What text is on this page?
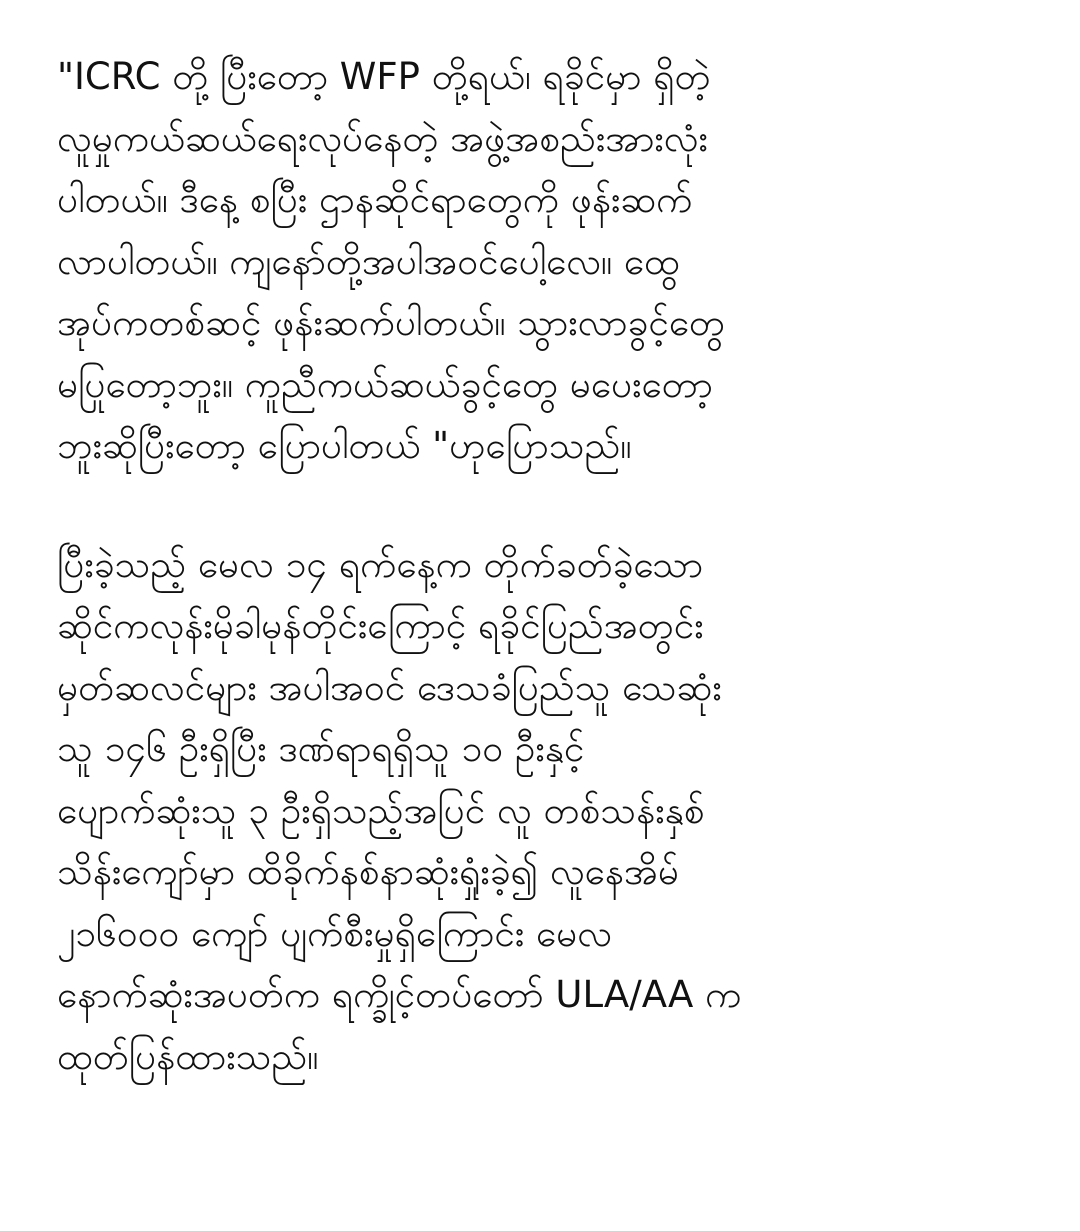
"ICRC တို့ ပြီးတော့ WFP တို့ရယ်၊ ရခိုင်မှာ ရှိတဲ့
လူမှုကယ်ဆယ်ရေးလုပ်နေတဲ့ အဖွဲ့အစည်းအားလုံး
ပါတယ်။ ဒီနေ့ စပြီး ဌာနဆိုင်ရာတွေကို ဖုန်းဆက်
လာပါတယ်။ ကျနော်တို့အပါအဝင်ပေါ့လေ။ ထွေ
အုပ်ကတစ်ဆင့် ဖုန်းဆက်ပါတယ်။ သွားလာခွင့်တွေ
မပြုတော့ဘူး။ ကူညီကယ်ဆယ်ခွင့်တွေ မပေးတော့
ဘူးဆိုပြီးတော့ ပြောပါတယ် "ဟုပြောသည်။
ပြီးခဲ့သည့် မေလ ၁၄ ရက်နေ့က တိုက်ခတ်ခဲ့သော
ဆိုင်ကလုန်းမိုခါမုန်တိုင်းကြောင့် ရခိုင်ပြည်အတွင်း
မှတ်ဆလင်များ အပါအဝင် ဒေသခံပြည်သူ သေဆုံး
သူ ၁၄၆ ဦးရှိပြီး ဒဏ်ရာရရှိသူ ၁၀ ဦးနှင့်
ပျောက်ဆုံးသူ ၃ ဦးရှိသည့်အပြင် လူ တစ်သန်းနှစ်
သိန်းကျော်မှာ ထိခိုက်နစ်နာဆုံးရှုံးခဲ့၍ လူနေအိမ်
၂၁၆၀၀၀ ကျော် ပျက်စီးမှုရှိကြောင်း မေလ
နောက်ဆုံးအပတ်က ရက္ခိုင့်တပ်တော် ULA/AA က
ထုတ်ပြန်ထားသည်။
